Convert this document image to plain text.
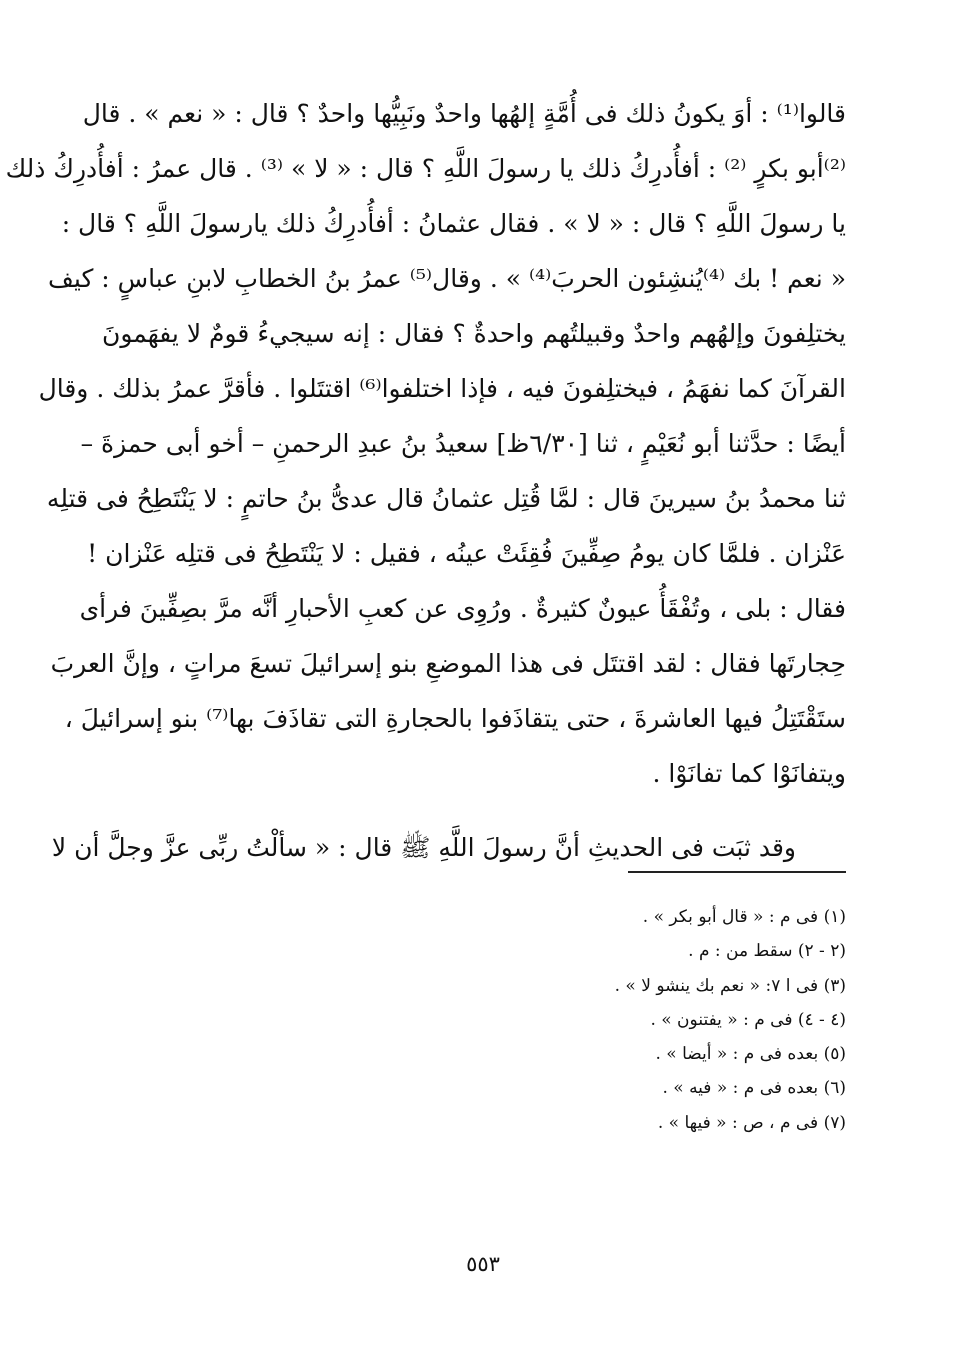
قالوا⁽¹⁾ : أوَ يكونُ ذلك فى أُمَّةٍ إلهُها واحدٌ ونَبِيُّها واحدٌ ؟ قال : « نعم » . قال
⁽²⁾أبو بكرٍ ⁽²⁾ : أفأُدرِكُ ذلك يا رسولَ اللَّهِ ؟ قال : « لا » ⁽³⁾ . قال عمرُ : أفأُدرِكُ ذلك
يا رسولَ اللَّهِ ؟ قال : « لا » . فقال عثمانُ : أفأُدرِكُ ذلك يارسولَ اللَّهِ ؟ قال :
« نعم ! بك ⁽⁴⁾يُنشِئون الحربَ⁽⁴⁾ » . وقال⁽⁵⁾ عمرُ بنُ الخطابِ لابنِ عباسٍ : كيف
يختلِفونَ وإلهُهم واحدٌ وقبيلتُهم واحدةٌ ؟ فقال : إنه سيجيءُ قومٌ لا يفهَمونَ
القرآنَ كما نفهَمُ ، فيختلِفونَ فيه ، فإذا اختلفوا⁽⁶⁾ اقتتَلوا . فأقرَّ عمرُ بذلك . وقال
أيضًا : حدَّثنا أبو نُعَيْمٍ ، ثنا [٦/٣٠ظ] سعيدُ بنُ عبدِ الرحمنِ – أخو أبى حمزةَ –
ثنا محمدُ بنُ سيرينَ قال : لمَّا قُتِل عثمانُ قال عدىُّ بنُ حاتمٍ : لا يَنْتَطِحُ فى قتلِه
عَنْزان . فلمَّا كان يومُ صِفِّينَ فُقِئَتْ عينُه ، فقيل : لا يَنْتَطِحُ فى قتلِه عَنْزان !
فقال : بلى ، وتُفْقَأُ عيونٌ كثيرةٌ . ورُوِى عن كعبِ الأحبارِ أنَّه مرَّ بصِفِّينَ فرأى
حِجارتَها فقال : لقد اقتتَل فى هذا الموضعِ بنو إسرائيلَ تسعَ مراتٍ ، وإنَّ العربَ
ستَقْتَتِلُ فيها العاشرةَ ، حتى يتقاذَفوا بالحجارةِ التى تقاذَفَ بها⁽⁷⁾ بنو إسرائيلَ ،
ويتفانَوْا كما تفانَوْا .
وقد ثبَت فى الحديثِ أنَّ رسولَ اللَّهِ ﷺ قال : « سألْتُ ربِّى عزَّ وجلَّ أن لا
(١) فى م : « قال أبو بكر » .
(٢ - ٢) سقط من : م .
(٣) فى ا ٧: « نعم بك ينشو لا » .
(٤ - ٤) فى م : « يفتنون » .
(٥) بعده فى م : « أيضا » .
(٦) بعده فى م : « فيه » .
(٧) فى م ، ص : « فيها » .
٥٥٣
